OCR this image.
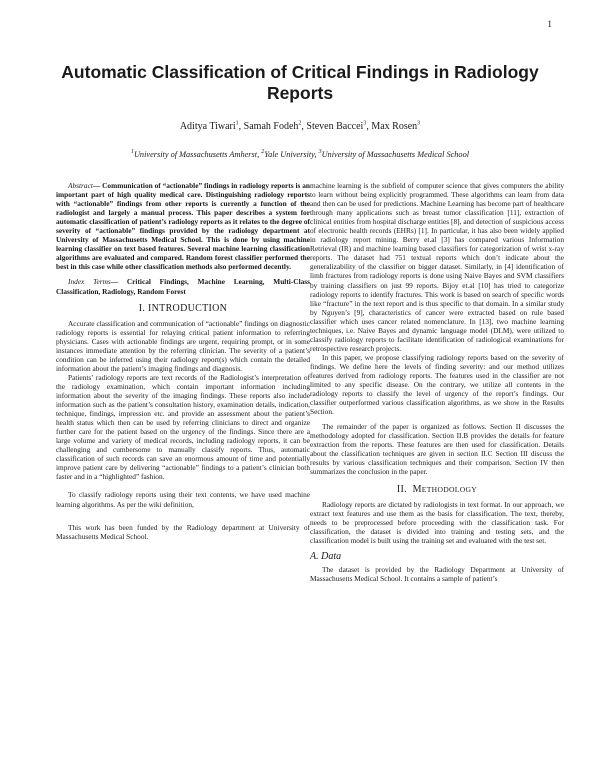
1
Automatic Classification of Critical Findings in Radiology Reports
Aditya Tiwari$^1$, Samah Fodeh$^2$, Steven Baccei$^3$, Max Rosen$^3$
$^1$University of Massachusetts Amherst, $^2$Yale University, $^3$University of Massachusetts Medical School

Abstract— Communication of “actionable” findings in radiology reports is an important part of high quality medical care. Distinguishing radiology reports with “actionable” findings from other reports is currently a function of the radiologist and largely a manual process. This paper describes a system for automatic classification of patient’s radiology reports as it relates to the degree of severity of “actionable” findings provided by the radiology department at University of Massachusetts Medical School. This is done by using machine learning classifier on text based features. Several machine learning classification algorithms are evaluated and compared. Random forest classifier performed the best in this case while other classification methods also performed decently.

Index Terms— Critical Findings, Machine Learning, Multi-Class Classification, Radiology, Random Forest

I. INTRODUCTION

Accurate classification and communication of “actionable” findings on diagnostic radiology reports is essential for relaying critical patient information to referring physicians. Cases with actionable findings are urgent, requiring prompt, or in some instances immediate attention by the referring clinician. The severity of a patient’s condition can be inferred using their radiology report(s) which contain the detailed information about the patient’s imaging findings and diagnosis.

Patients’ radiology reports are text records of the Radiologist’s interpretation of the radiology examination, which contain important information including information about the severity of the imaging findings. These reports also include information such as the patient’s consultation history, examination details, indication, technique, findings, impression etc. and provide an assessment about the patient’s health status which then can be used by referring clinicians to direct and organize further care for the patient based on the urgency of the findings. Since there are a large volume and variety of medical records, including radiology reports, it can be challenging and cumbersome to manually classify reports. Thus, automatic classification of such records can save an enormous amount of time and potentially improve patient care by delivering “actionable” findings to a patient’s clinician both faster and in a “highlighted” fashion.

To classify radiology reports using their text contents, we have used machine learning algorithms. As per the wiki definition,

This work has been funded by the Radiology department at University of Massachusetts Medical School.

machine learning is the subfield of computer science that gives computers the ability to learn without being explicitly programmed. These algorithms can learn from data and then can be used for predictions. Machine Learning has become part of healthcare through many applications such as breast tumor classification [11], extraction of clinical entities from hospital discharge entities [8], and detection of suspicious access of electronic health records (EHRs) [1]. In particular, it has also been widely applied in radiology report mining. Berry et.al [3] has compared various Information Retrieval (IR) and machine learning based classifiers for categorization of wrist x-ray reports. The dataset had 751 textual reports which don’t indicate about the generalizability of the classifier on bigger dataset. Similarly, in [4] identification of limb fractures from radiology reports is done using Naive Bayes and SVM classifiers by training classifiers on just 99 reports. Bijoy et.al [10] has tried to categorize radiology reports to identify fractures. This work is based on search of specific words like “fracture” in the text report and is thus specific to that domain. In a similar study by Nguyen’s [9], characteristics of cancer were extracted based on rule based classifier which uses cancer related nomenclature. In [13], two machine learning techniques, i.e. Naive Bayes and dynamic language model (DLM), were utilized to classify radiology reports to facilitate identification of radiological examinations for retrospective research projects.

In this paper, we propose classifying radiology reports based on the severity of findings. We define here the levels of finding severity: and our method utilizes features derived from radiology reports. The features used in the classifier are not limited to any specific disease. On the contrary, we utilize all contents in the radiology reports to classify the level of urgency of the report’s findings. Our classifier outperformed various classification algorithms, as we show in the Results Section.

The remainder of the paper is organized as follows. Section II discusses the methodology adopted for classification. Section II.B provides the details for feature extraction from the reports. These features are then used for classification. Details about the classification techniques are given in section II.C Section III discuss the results by various classification techniques and their comparison. Section IV then summarizes the conclusion in the paper.

II. METHODOLOGY

Radiology reports are dictated by radiologists in text format. In our approach, we extract text features and use them as the basis for classification. The text, thereby, needs to be preprocessed before proceeding with the classification task. For classification, the dataset is divided into training and testing sets, and the classification model is built using the training set and evaluated with the test set.

A. Data

The dataset is provided by the Radiology Department at University of Massachusetts Medical School. It contains a sample of patient’s
